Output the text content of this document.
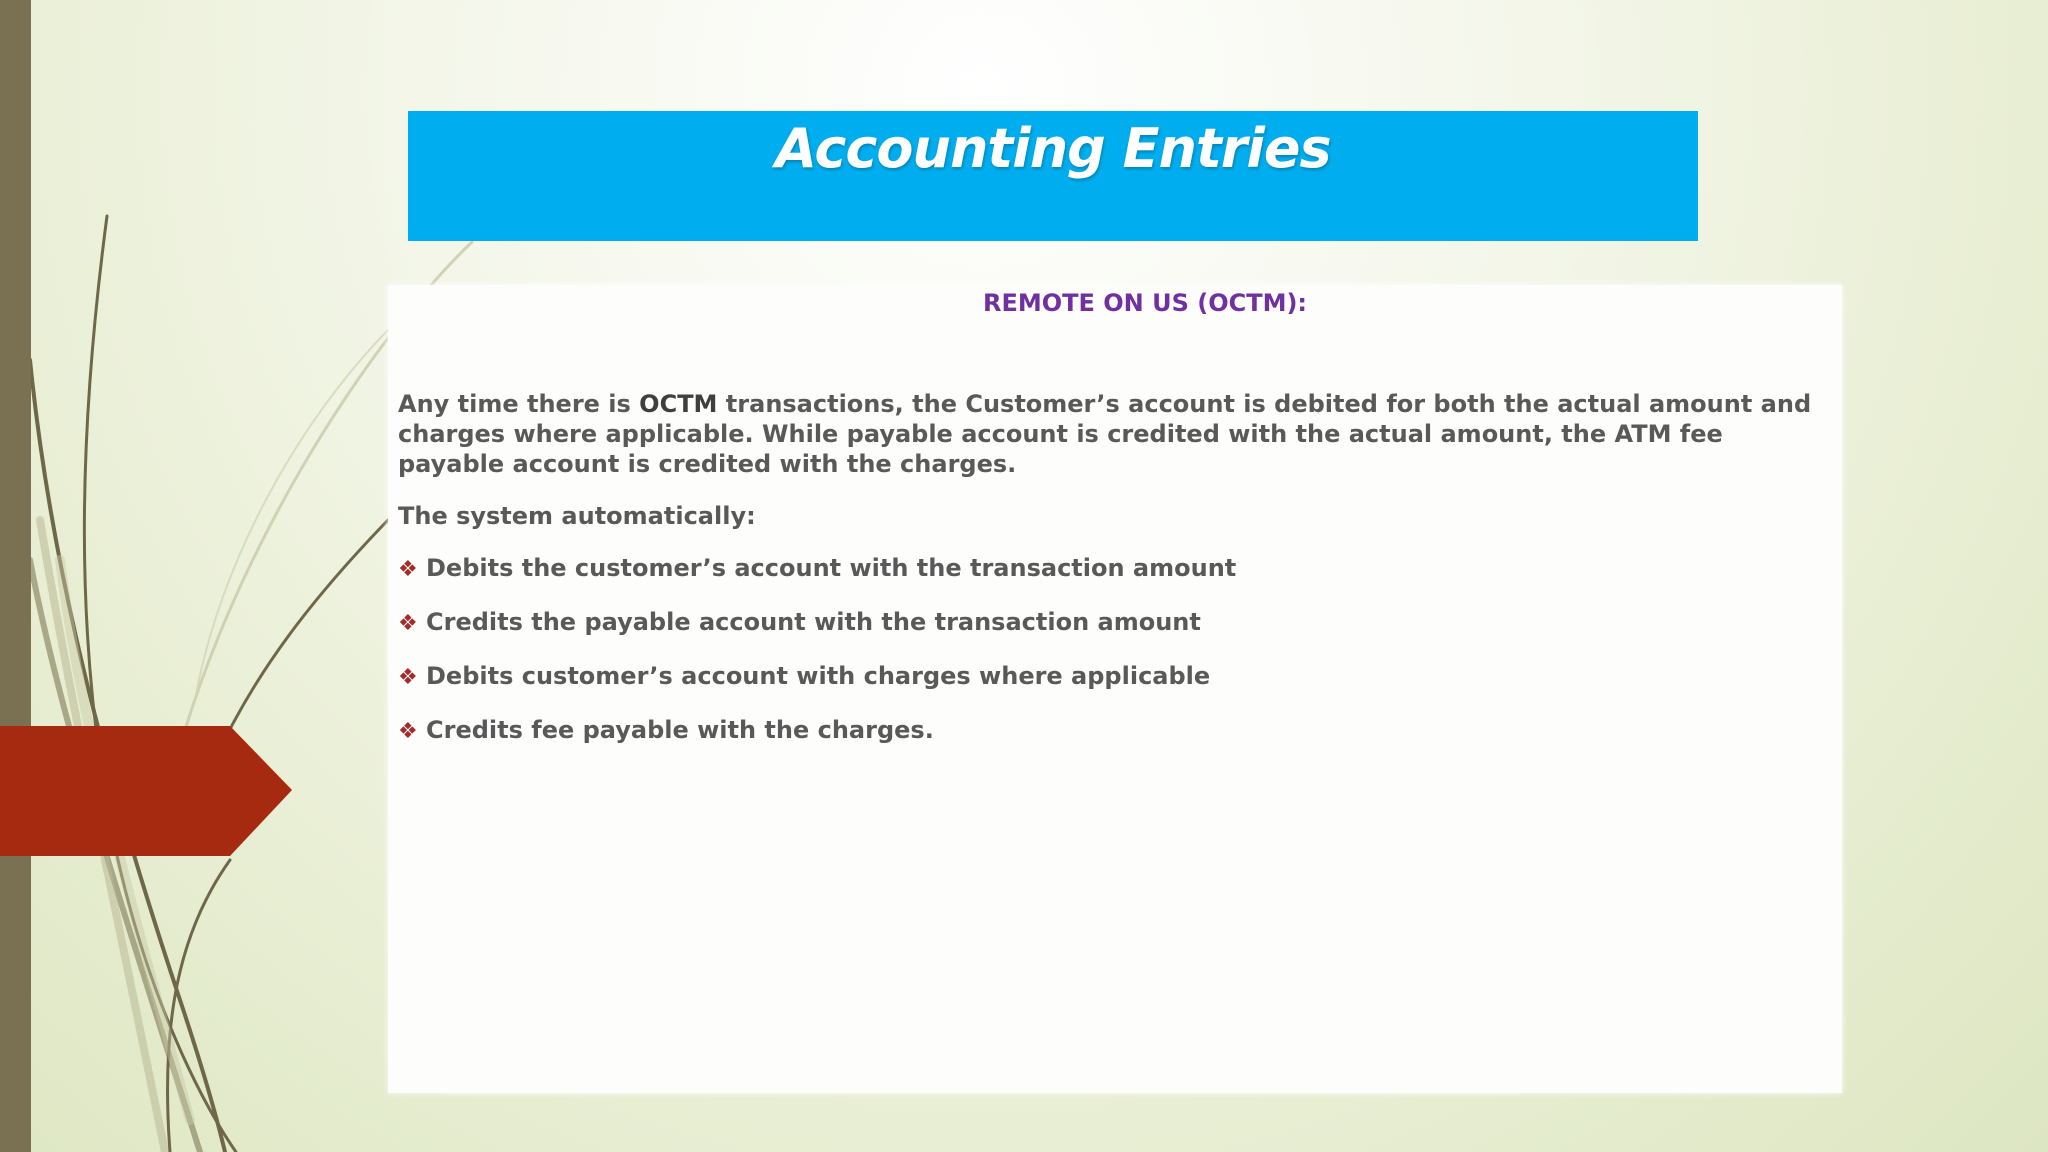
Accounting Entries
REMOTE ON US (OCTM):

Any time there is OCTM transactions, the Customer’s account is debited for both the actual amount and charges where applicable. While payable account is credited with the actual amount, the ATM fee payable account is credited with the charges.

The system automatically:

❖ Debits the customer’s account with the transaction amount
❖ Credits the payable account with the transaction amount
❖ Debits customer’s account with charges where applicable
❖ Credits fee payable with the charges.
